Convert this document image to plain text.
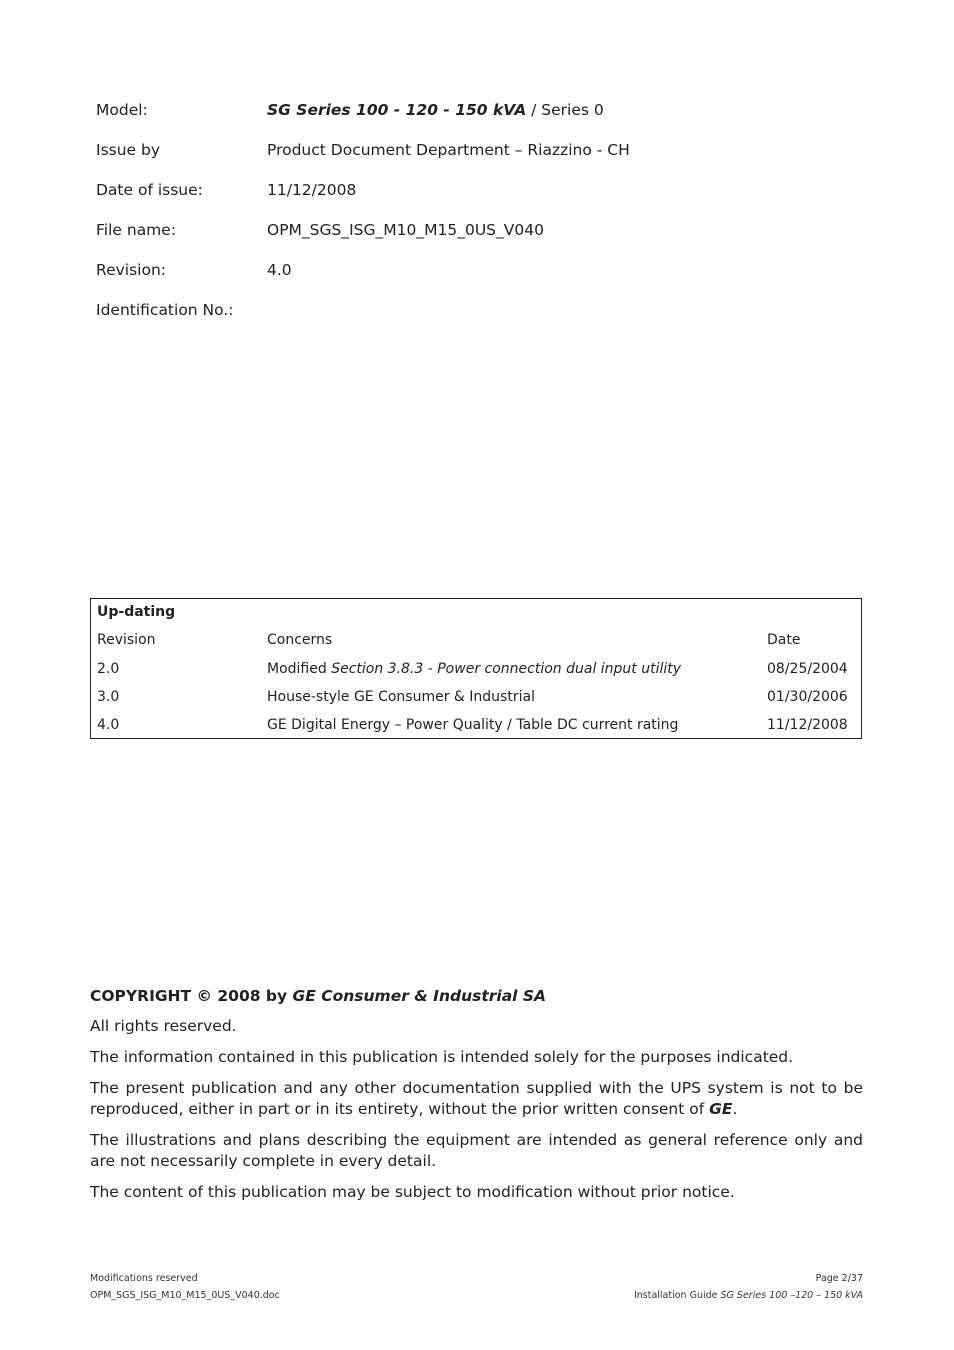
Model:	SG Series 100 - 120 - 150 kVA / Series 0
Issue by	Product Document Department – Riazzino - CH
Date of issue:	11/12/2008
File name:	OPM_SGS_ISG_M10_M15_0US_V040
Revision:	4.0
Identification No.:
Up-dating
Revision	Concerns	Date
2.0	Modified Section 3.8.3 - Power connection dual input utility	08/25/2004
3.0	House-style GE Consumer & Industrial	01/30/2006
4.0	GE Digital Energy – Power Quality / Table DC current rating	11/12/2008

COPYRIGHT © 2008 by GE Consumer & Industrial SA

All rights reserved.

The information contained in this publication is intended solely for the purposes indicated.

The present publication and any other documentation supplied with the UPS system is not to be reproduced, either in part or in its entirety, without the prior written consent of GE.

The illustrations and plans describing the equipment are intended as general reference only and are not necessarily complete in every detail.

The content of this publication may be subject to modification without prior notice.

Modifications reserved	Page 2/37
OPM_SGS_ISG_M10_M15_0US_V040.doc	Installation Guide SG Series 100 –120 – 150 kVA
